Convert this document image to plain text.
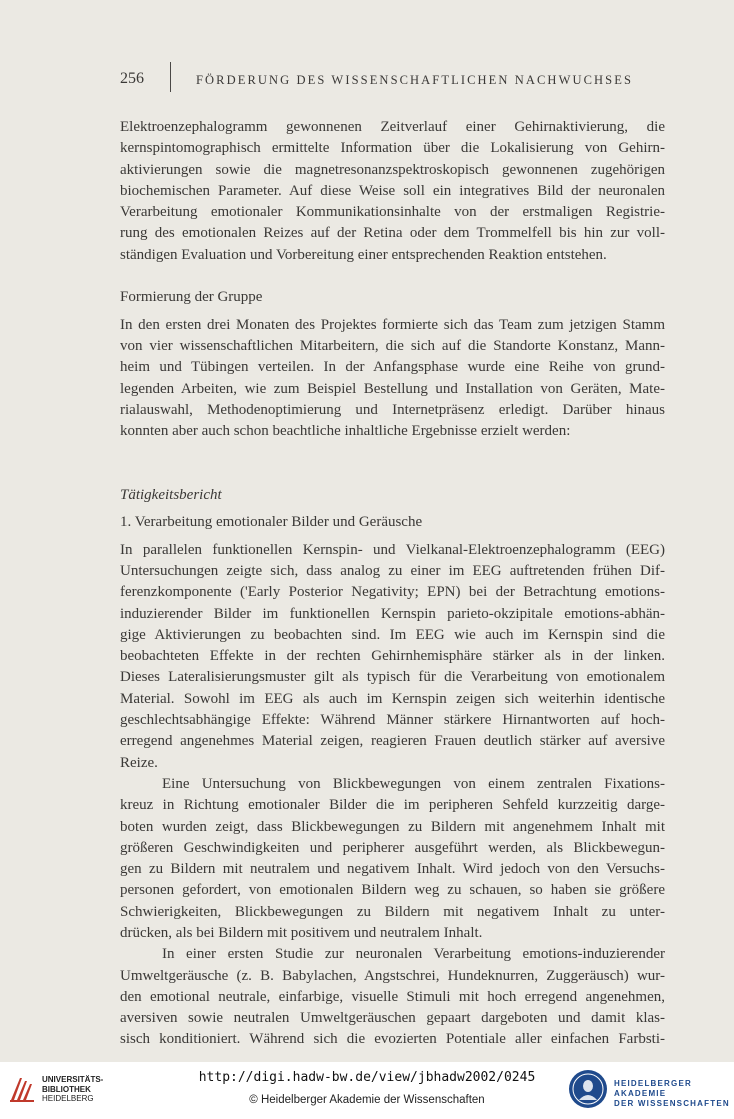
256	FÖRDERUNG DES WISSENSCHAFTLICHEN NACHWUCHSES
Elektroenzephalogramm gewonnenen Zeitverlauf einer Gehirnaktivierung, die
kernspintomographisch ermittelte Information über die Lokalisierung von Gehirn-
aktivierungen sowie die magnetresonanzspektroskopisch gewonnenen zugehörigen
biochemischen Parameter. Auf diese Weise soll ein integratives Bild der neuronalen
Verarbeitung emotionaler Kommunikationsinhalte von der erstmaligen Registrie-
rung des emotionalen Reizes auf der Retina oder dem Trommelfell bis hin zur voll-
ständigen Evaluation und Vorbereitung einer entsprechenden Reaktion entstehen.
Formierung der Gruppe
In den ersten drei Monaten des Projektes formierte sich das Team zum jetzigen Stamm
von vier wissenschaftlichen Mitarbeitern, die sich auf die Standorte Konstanz, Mann-
heim und Tübingen verteilen. In der Anfangsphase wurde eine Reihe von grund-
legenden Arbeiten, wie zum Beispiel Bestellung und Installation von Geräten, Mate-
rialauswahl, Methodenoptimierung und Internetpräsenz erledigt. Darüber hinaus
konnten aber auch schon beachtliche inhaltliche Ergebnisse erzielt werden:
Tätigkeitsbericht
1. Verarbeitung emotionaler Bilder und Geräusche
In parallelen funktionellen Kernspin- und Vielkanal-Elektroenzephalogramm (EEG)
Untersuchungen zeigte sich, dass analog zu einer im EEG auftretenden frühen Dif-
ferenzkomponente ('Early Posterior Negativity; EPN) bei der Betrachtung emotions-
induzierender Bilder im funktionellen Kernspin parieto-okzipitale emotions-abhän-
gige Aktivierungen zu beobachten sind. Im EEG wie auch im Kernspin sind die
beobachteten Effekte in der rechten Gehirnhemisphäre stärker als in der linken.
Dieses Lateralisierungsmuster gilt als typisch für die Verarbeitung von emotionalem
Material. Sowohl im EEG als auch im Kernspin zeigen sich weiterhin identische
geschlechtsabhängige Effekte: Während Männer stärkere Hirnantworten auf hoch-
erregend angenehmes Material zeigen, reagieren Frauen deutlich stärker auf aversive
Reize.
Eine Untersuchung von Blickbewegungen von einem zentralen Fixations-
kreuz in Richtung emotionaler Bilder die im peripheren Sehfeld kurzzeitig darge-
boten wurden zeigt, dass Blickbewegungen zu Bildern mit angenehmem Inhalt mit
größeren Geschwindigkeiten und peripherer ausgeführt werden, als Blickbewegun-
gen zu Bildern mit neutralem und negativem Inhalt. Wird jedoch von den Versuchs-
personen gefordert, von emotionalen Bildern weg zu schauen, so haben sie größere
Schwierigkeiten, Blickbewegungen zu Bildern mit negativem Inhalt zu unter-
drücken, als bei Bildern mit positivem und neutralem Inhalt.
In einer ersten Studie zur neuronalen Verarbeitung emotions-induzierender
Umweltgeräusche (z. B. Babylachen, Angstschrei, Hundeknurren, Zuggeräusch) wur-
den emotional neutrale, einfarbige, visuelle Stimuli mit hoch erregend angenehmen,
aversiven sowie neutralen Umweltgeräuschen gepaart dargeboten und damit klas-
sisch konditioniert. Während sich die evozierten Potentiale aller einfachen Farbsti-
UNIVERSITÄTS-
BIBLIOTHEK
HEIDELBERG
http://digi.hadw-bw.de/view/jbhadw2002/0245
© Heidelberger Akademie der Wissenschaften
HEIDELBERGER AKADEMIE
DER WISSENSCHAFTEN
